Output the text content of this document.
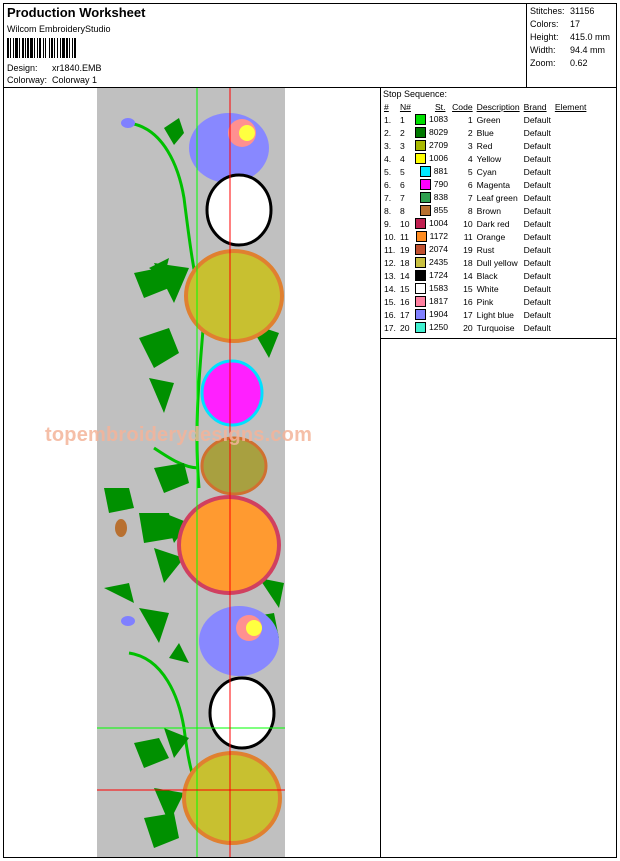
Production Worksheet
Wilcom EmbroideryStudio
Design: xr1840.EMB
Colorway: Colorway 1
Stitches: 31156
Colors: 17
Height: 415.0 mm
Width: 94.4 mm
Zoom: 0.62
topembroiderydesigns.com
Stop Sequence:
#	N#	St.	Code	Description	Brand	Element
1.	1	1083	1	Green	Default	
2.	2	8029	2	Blue	Default	
3.	3	2709	3	Red	Default	
4.	4	1006	4	Yellow	Default	
5.	5	881	5	Cyan	Default	
6.	6	790	6	Magenta	Default	
7.	7	838	7	Leaf green	Default	
8.	8	855	8	Brown	Default	
9.	10	1004	10	Dark red	Default	
10.	11	1172	11	Orange	Default	
11.	19	2074	19	Rust	Default	
12.	18	2435	18	Dull yellow	Default	
13.	14	1724	14	Black	Default	
14.	15	1583	15	White	Default	
15.	16	1817	16	Pink	Default	
16.	17	1904	17	Light blue	Default	
17.	20	1250	20	Turquoise	Default	
